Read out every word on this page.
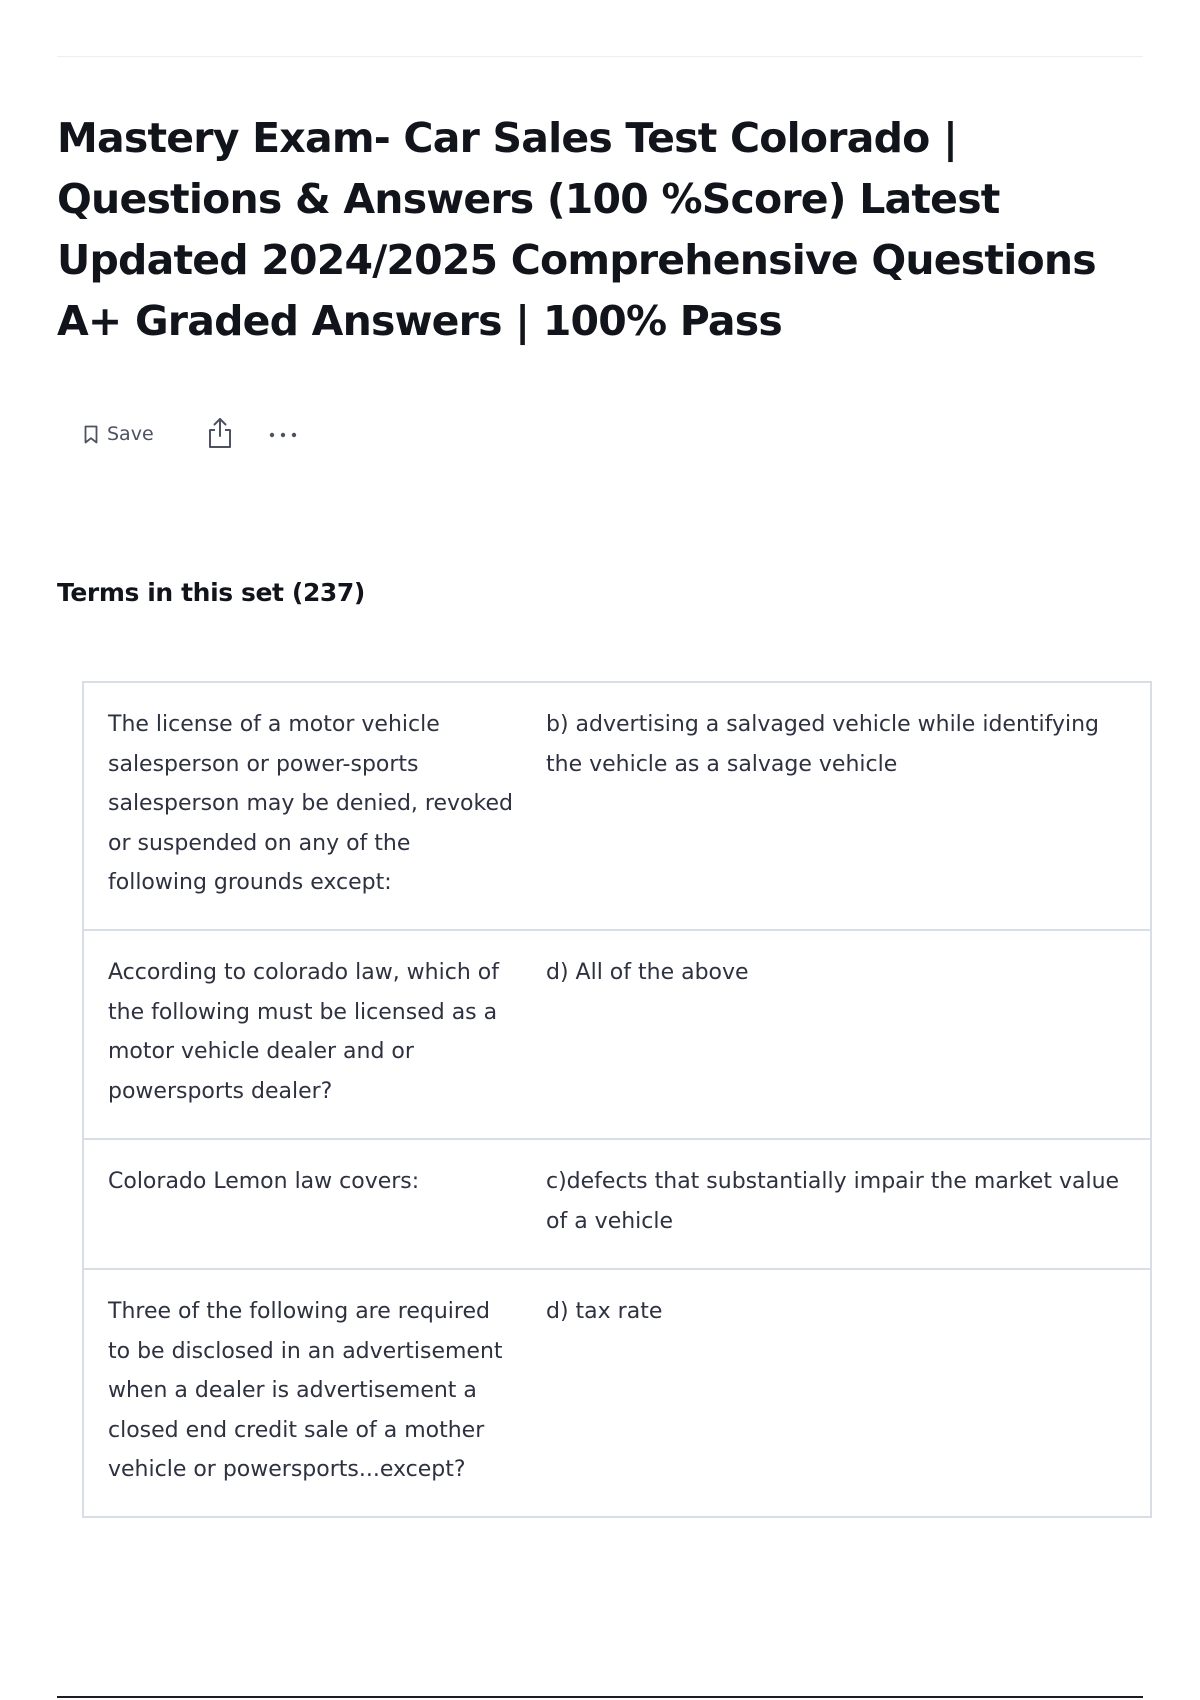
Mastery Exam- Car Sales Test Colorado | Questions & Answers (100 %Score) Latest Updated 2024/2025 Comprehensive Questions A+ Graded Answers | 100% Pass
Save
Terms in this set (237)
The license of a motor vehicle salesperson or power-sports salesperson may be denied, revoked or suspended on any of the following grounds except:
b) advertising a salvaged vehicle while identifying the vehicle as a salvage vehicle
According to colorado law, which of the following must be licensed as a motor vehicle dealer and or powersports dealer?
d) All of the above
Colorado Lemon law covers:	c)defects that substantially impair the market value of a vehicle
Three of the following are required to be disclosed in an advertisement when a dealer is advertisement a closed end credit sale of a mother vehicle or powersports...except?
d) tax rate
